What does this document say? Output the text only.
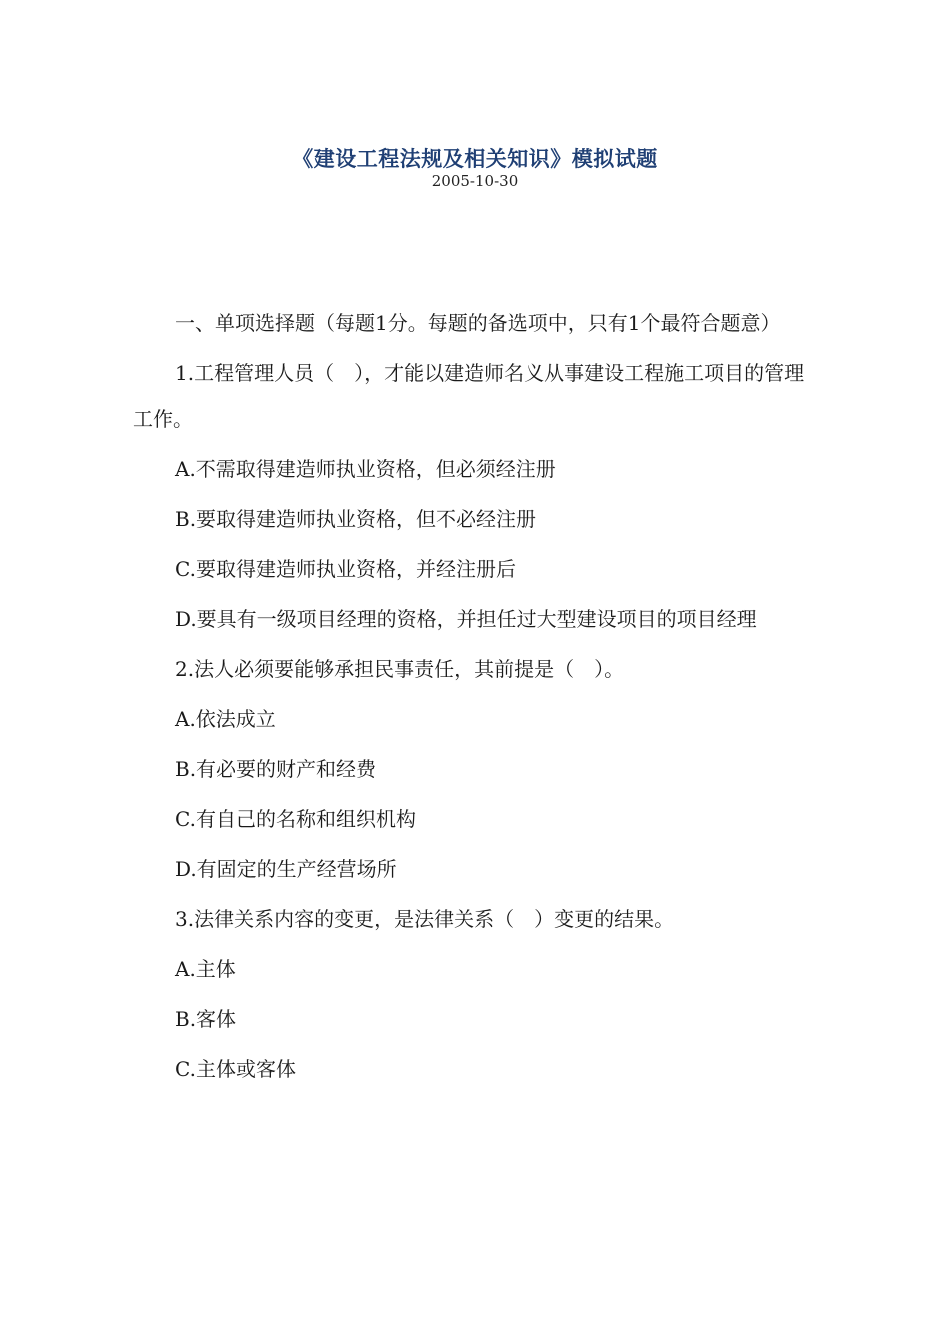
《建设工程法规及相关知识》模拟试题
2005-10-30

一、单项选择题（每题1分。每题的备选项中，只有1个最符合题意）

1.工程管理人员（　），才能以建造师名义从事建设工程施工项目的管理工作。

A.不需取得建造师执业资格，但必须经注册

B.要取得建造师执业资格，但不必经注册

C.要取得建造师执业资格，并经注册后

D.要具有一级项目经理的资格，并担任过大型建设项目的项目经理

2.法人必须要能够承担民事责任，其前提是（　）。

A.依法成立

B.有必要的财产和经费

C.有自己的名称和组织机构

D.有固定的生产经营场所

3.法律关系内容的变更，是法律关系（　）变更的结果。

A.主体

B.客体

C.主体或客体
